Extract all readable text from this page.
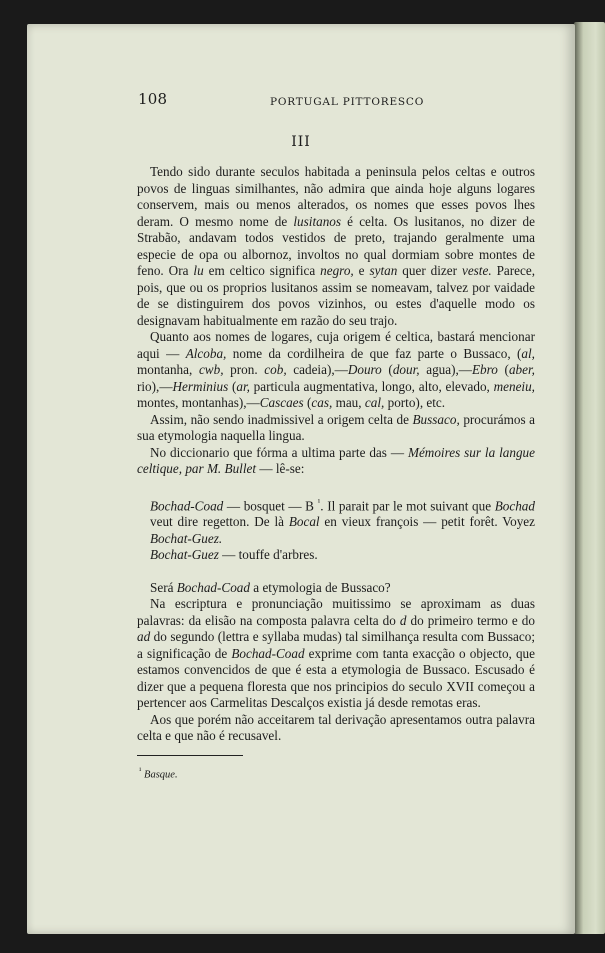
108	PORTUGAL PITTORESCO
III

Tendo sido durante seculos habitada a peninsula pelos celtas e outros povos de linguas similhantes, não admira que ainda hoje alguns logares conservem, mais ou menos alterados, os nomes que esses povos lhes deram. O mesmo nome de lusitanos é celta. Os lusitanos, no dizer de Strabão, andavam todos vestidos de preto, trajando geralmente uma especie de opa ou albornoz, involtos no qual dormiam sobre montes de feno. Ora lu em celtico significa negro, e sytan quer dizer veste. Parece, pois, que ou os proprios lusitanos assim se nomeavam, talvez por vaidade de se distinguirem dos povos vizinhos, ou estes d'aquelle modo os designavam habitualmente em razão do seu trajo.

Quanto aos nomes de logares, cuja origem é celtica, bastará mencionar aqui — Alcoba, nome da cordilheira de que faz parte o Bussaco, (al, montanha, cwb, pron. cob, cadeia),—Douro (dour, agua),—Ebro (aber, rio),—Herminius (ar, particula augmentativa, longo, alto, elevado, meneiu, montes, montanhas),—Cascaes (cas, mau, cal, porto), etc.

Assim, não sendo inadmissivel a origem celta de Bussaco, procurámos a sua etymologia naquella lingua.

No diccionario que fórma a ultima parte das — Mémoires sur la langue celtique, par M. Bullet — lê-se:

Bochad-Coad — bosquet — B $^{^1}$. Il parait par le mot suivant que Bochad veut dire regetton. De là Bocal en vieux françois — petit forêt. Voyez Bochat-Guez.

Bochat-Guez — touffe d'arbres.

Será Bochad-Coad a etymologia de Bussaco?

Na escriptura e pronunciação muitissimo se aproximam as duas palavras: da elisão na composta palavra celta do d do primeiro termo e do ad do segundo (lettra e syllaba mudas) tal similhança resulta com Bussaco; a significação de Bochad-Coad exprime com tanta exacção o objecto, que estamos convencidos de que é esta a etymologia de Bussaco. Escusado é dizer que a pequena floresta que nos principios do seculo XVII começou a pertencer aos Carmelitas Descalços existia já desde remotas eras.

Aos que porém não acceitarem tal derivação apresentamos outra palavra celta e que não é recusavel.

$^{^1}$ Basque.
